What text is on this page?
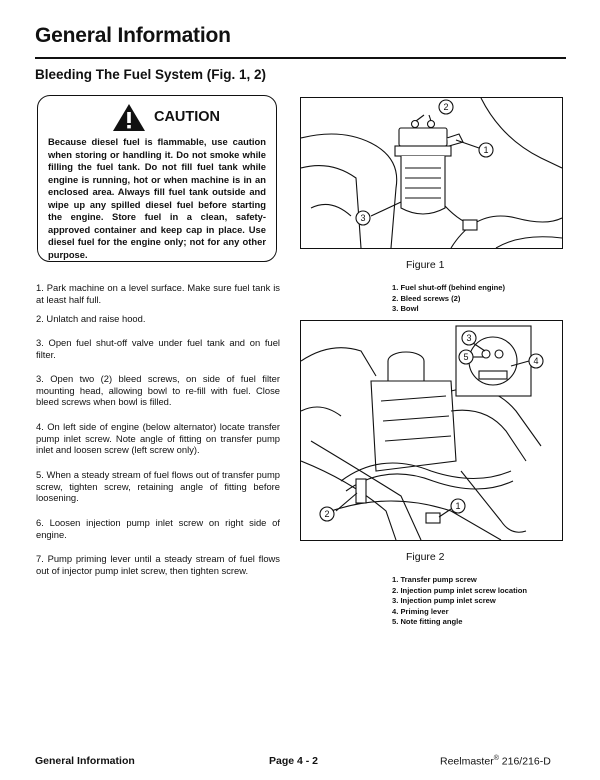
General Information
Bleeding The Fuel System (Fig. 1, 2)
CAUTION
Because diesel fuel is flammable, use caution when storing or handling it. Do not smoke while filling the fuel tank. Do not fill fuel tank while engine is running, hot or when machine is in an enclosed area. Always fill fuel tank outside and wipe up any spilled diesel fuel before starting the engine. Store fuel in a clean, safety-approved container and keep cap in place. Use diesel fuel for the engine only; not for any other purpose.
1. Park machine on a level surface. Make sure fuel tank is at least half full.
2. Unlatch and raise hood.
3. Open fuel shut-off valve under fuel tank and on fuel filter.
3. Open two (2) bleed screws, on side of fuel filter mounting head, allowing bowl to re-fill with fuel. Close bleed screws when bowl is filled.
4. On left side of engine (below alternator) locate transfer pump inlet screw. Note angle of fitting on transfer pump inlet and loosen screw (left screw only).
5. When a steady stream of fuel flows out of transfer pump screw, tighten screw, retaining angle of fitting before loosening.
6. Loosen injection pump inlet screw on right side of engine.
7. Pump priming lever until a steady stream of fuel flows out of injector pump inlet screw, then tighten screw.
2
1
3
Figure 1
1. Fuel shut-off (behind engine)
2. Bleed screws (2)
3. Bowl
3
5	4
2
1
Figure 2
1. Transfer pump screw
2. Injection pump inlet screw location
3. Injection pump inlet screw
4. Priming lever
5. Note fitting angle
General Information	Page 4 - 2	Reelmaster® 216/216-D
